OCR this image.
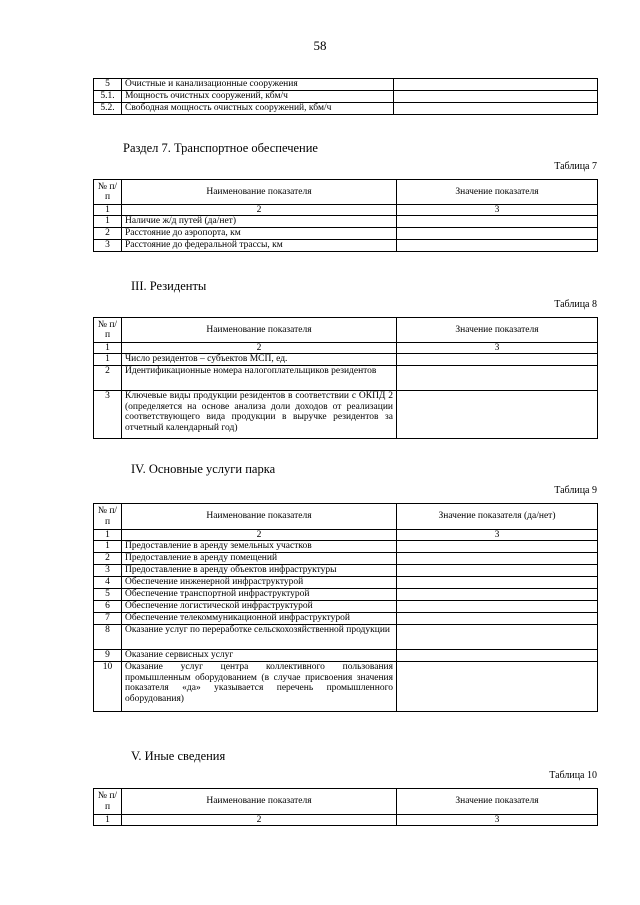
58
5	Очистные и канализационные сооружения	
5.1.	Мощность очистных сооружений, кбм/ч	
5.2.	Свободная мощность очистных сооружений, кбм/ч	
Раздел 7. Транспортное обеспечение
Таблица 7
№ п/п	Наименование показателя	Значение показателя
1	2	3
1	Наличие ж/д путей (да/нет)	
2	Расстояние до аэропорта, км	
3	Расстояние до федеральной трассы, км	
III. Резиденты
Таблица 8
№ п/п	Наименование показателя	Значение показателя
1	2	3
1	Число резидентов – субъектов МСП, ед.	
2	Идентификационные номера налогоплательщиков резидентов	
3	Ключевые виды продукции резидентов в соответствии с ОКПД 2 (определяется на основе анализа доли доходов от реализации соответствующего вида продукции в выручке резидентов за отчетный календарный год)	
IV. Основные услуги парка
Таблица 9
№ п/п	Наименование показателя	Значение показателя (да/нет)
1	2	3
1	Предоставление в аренду земельных участков	
2	Предоставление в аренду помещений	
3	Предоставление в аренду объектов инфраструктуры	
4	Обеспечение инженерной инфраструктурой	
5	Обеспечение транспортной инфраструктурой	
6	Обеспечение логистической инфраструктурой	
7	Обеспечение телекоммуникационной инфраструктурой	
8	Оказание услуг по переработке сельскохозяйственной продукции	
9	Оказание сервисных услуг	
10	Оказание услуг центра коллективного пользования промышленным оборудованием (в случае присвоения значения показателя «да» указывается перечень промышленного оборудования)	
V. Иные сведения
Таблица 10
№ п/п	Наименование показателя	Значение показателя
1	2	3
